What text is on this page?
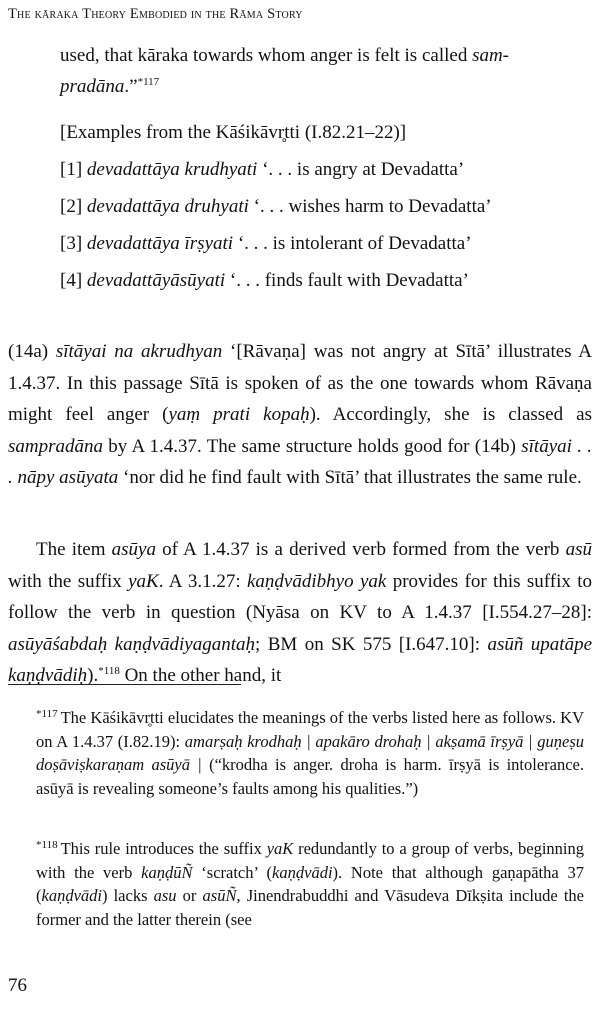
The kāraka Theory Embodied in the Rāma Story
used, that kāraka towards whom anger is felt is called sam-
pradāna.”$^{*117}$
[Examples from the Kāśikāvr̥tti (I.82.21–22)]
[1] devadattāya krudhyati ‘. . . is angry at Devadatta’
[2] devadattāya druhyati ‘. . . wishes harm to Devadatta’
[3] devadattāya īrṣyati ‘. . . is intolerant of Devadatta’
[4] devadattāyāsūyati ‘. . . finds fault with Devadatta’
(14a) sītāyai na akrudhyan ‘[Rāvaṇa] was not angry at Sītā’ illustrates A 1.4.37. In this passage Sītā is spoken of as the one towards whom Rāvaṇa might feel anger (yaṃ prati kopaḥ). Accordingly, she is classed as sampradāna by A 1.4.37. The same structure holds good for (14b) sītāyai . . . nāpy asūyata ‘nor did he find fault with Sītā’ that illustrates the same rule.
The item asūya of A 1.4.37 is a derived verb formed from the verb asū with the suffix yaK. A 3.1.27: kaṇḍvādibhyo yak provides for this suffix to follow the verb in question (Nyāsa on KV to A 1.4.37 [I.554.27–28]: asūyāśabdaḥ kaṇḍvādiyagantaḥ; BM on SK 575 [I.647.10]: asūñ upatāpe kaṇḍvādiḥ).$^{*118}$ On the other hand, it
$^{*117}$ The Kāśikāvr̥tti elucidates the meanings of the verbs listed here as follows. KV on A 1.4.37 (I.82.19): amarṣaḥ krodhaḥ | apakāro drohaḥ | akṣamā īrṣyā | guṇeṣu doṣāviṣkaraṇam asūyā | (“krodha is anger. droha is harm. īrṣyā is intolerance. asūyā is revealing someone’s faults among his qualities.”)
$^{*118}$ This rule introduces the suffix yaK redundantly to a group of verbs, beginning with the verb kaṇḍūÑ ‘scratch’ (kaṇḍvādi). Note that although gaṇapātha 37 (kaṇḍvādi) lacks asu or asūÑ, Jinendrabuddhi and Vāsudeva Dīkṣita include the former and the latter therein (see
76
